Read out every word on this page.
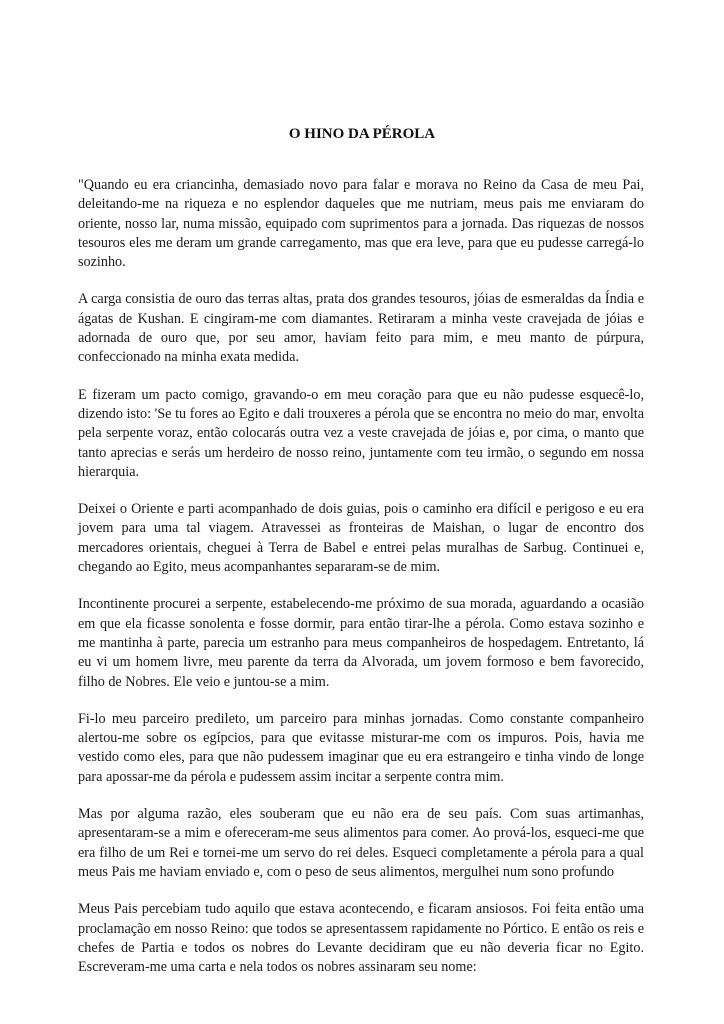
O HINO DA PÉROLA

"Quando eu era criancinha, demasiado novo para falar e morava no Reino da Casa de meu Pai, deleitando-me na riqueza e no esplendor daqueles que me nutriam, meus pais me enviaram do oriente, nosso lar, numa missão, equipado com suprimentos para a jornada. Das riquezas de nossos tesouros eles me deram um grande carregamento, mas que era leve, para que eu pudesse carregá-lo sozinho.

A carga consistia de ouro das terras altas, prata dos grandes tesouros, jóias de esmeraldas da Índia e ágatas de Kushan. E cingiram-me com diamantes. Retiraram a minha veste cravejada de jóias e adornada de ouro que, por seu amor, haviam feito para mim, e meu manto de púrpura, confeccionado na minha exata medida.

E fizeram um pacto comigo, gravando-o em meu coração para que eu não pudesse esquecê-lo, dizendo isto: 'Se tu fores ao Egito e dali trouxeres a pérola que se encontra no meio do mar, envolta pela serpente voraz, então colocarás outra vez a veste cravejada de jóias e, por cima, o manto que tanto aprecias e serás um herdeiro de nosso reino, juntamente com teu irmão, o segundo em nossa hierarquia.

Deixei o Oriente e parti acompanhado de dois guias, pois o caminho era difícil e perigoso e eu era jovem para uma tal viagem. Atravessei as fronteiras de Maishan, o lugar de encontro dos mercadores orientais, cheguei à Terra de Babel e entrei pelas muralhas de Sarbug. Continuei e, chegando ao Egito, meus acompanhantes separaram-se de mim.

Incontinente procurei a serpente, estabelecendo-me próximo de sua morada, aguardando a ocasião em que ela ficasse sonolenta e fosse dormir, para então tirar-lhe a pérola. Como estava sozinho e me mantinha à parte, parecia um estranho para meus companheiros de hospedagem. Entretanto, lá eu vi um homem livre, meu parente da terra da Alvorada, um jovem formoso e bem favorecido, filho de Nobres. Ele veio e juntou-se a mim.

Fi-lo meu parceiro predileto, um parceiro para minhas jornadas. Como constante companheiro alertou-me sobre os egípcios, para que evitasse misturar-me com os impuros. Pois, havia me vestido como eles, para que não pudessem imaginar que eu era estrangeiro e tinha vindo de longe para apossar-me da pérola e pudessem assim incitar a serpente contra mim.

Mas por alguma razão, eles souberam que eu não era de seu país. Com suas artimanhas, apresentaram-se a mim e ofereceram-me seus alimentos para comer. Ao prová-los, esqueci-me que era filho de um Rei e tornei-me um servo do rei deles. Esqueci completamente a pérola para a qual meus Pais me haviam enviado e, com o peso de seus alimentos, mergulhei num sono profundo

Meus Pais percebiam tudo aquilo que estava acontecendo, e ficaram ansiosos. Foi feita então uma proclamação em nosso Reino: que todos se apresentassem rapidamente no Pórtico. E então os reis e chefes de Partia e todos os nobres do Levante decidiram que eu não deveria ficar no Egito. Escreveram-me uma carta e nela todos os nobres assinaram seu nome:
